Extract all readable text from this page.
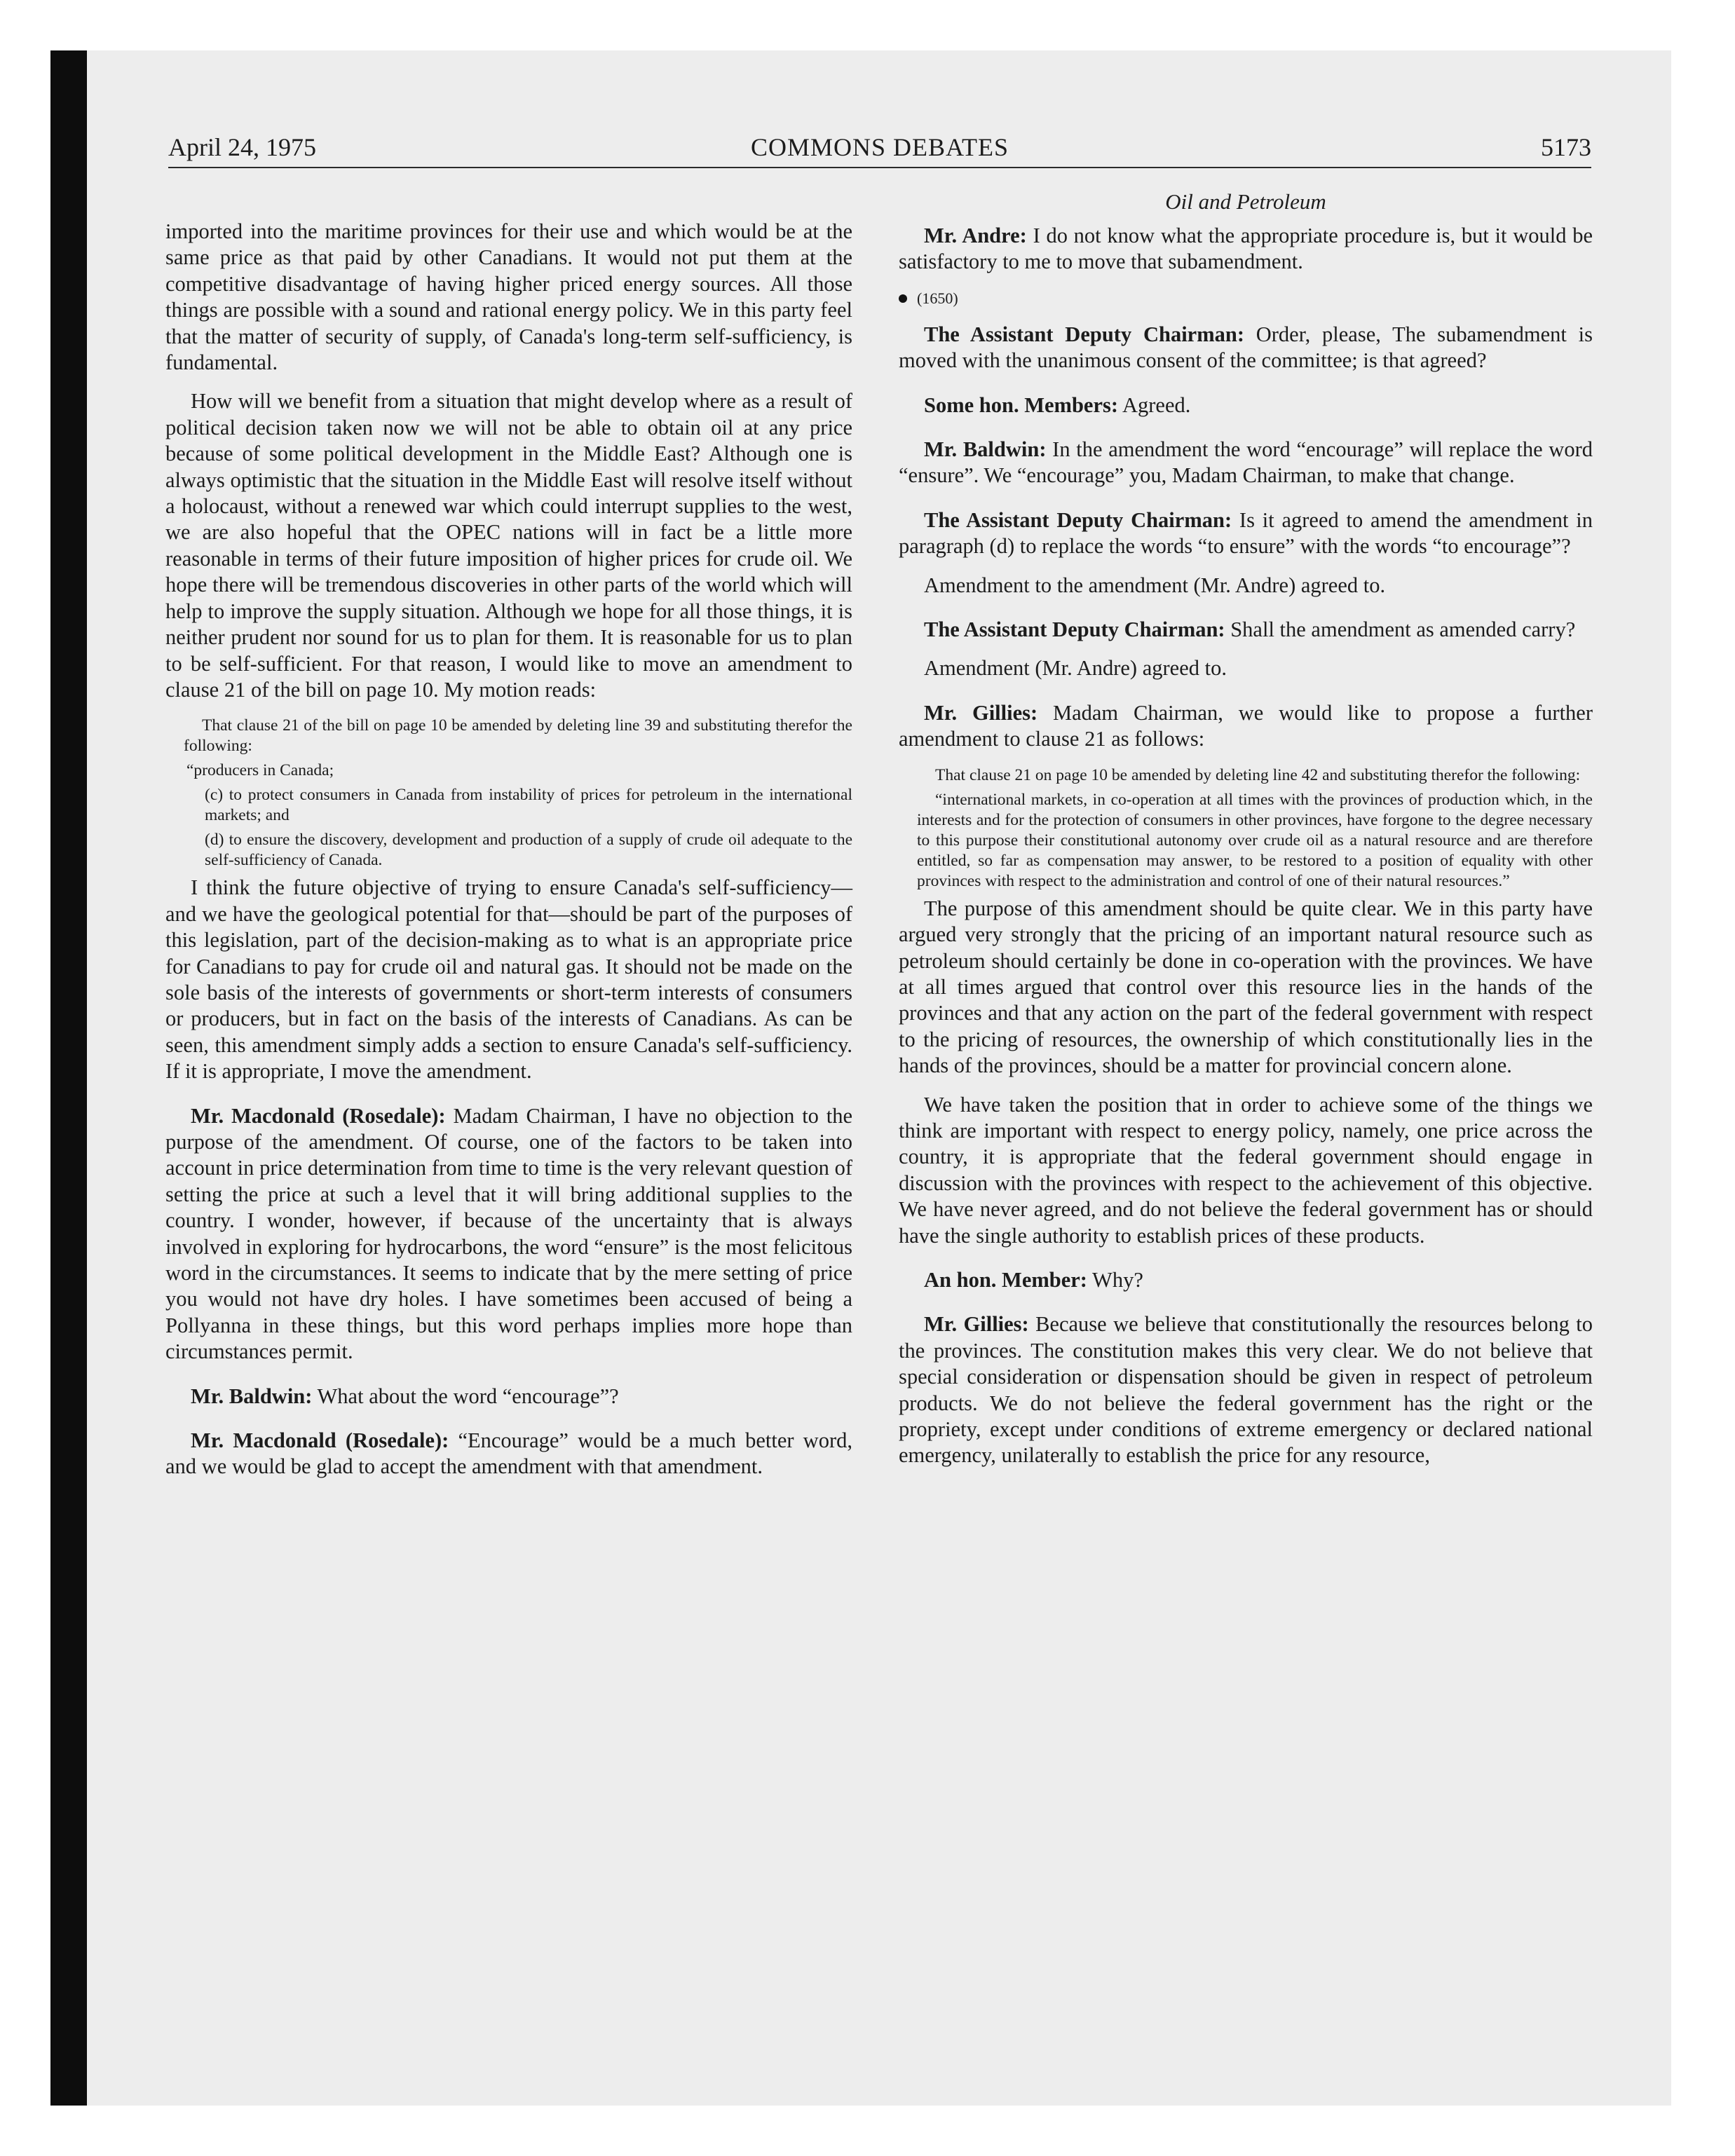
COMMONS DEBATES
April 24, 1975	5173

imported into the maritime provinces for their use and which would be at the same price as that paid by other Canadians. It would not put them at the competitive disadvantage of having higher priced energy sources. All those things are possible with a sound and rational energy policy. We in this party feel that the matter of security of supply, of Canada's long-term self-sufficiency, is fundamental.

How will we benefit from a situation that might develop where as a result of political decision taken now we will not be able to obtain oil at any price because of some political development in the Middle East? Although one is always optimistic that the situation in the Middle East will resolve itself without a holocaust, without a renewed war which could interrupt supplies to the west, we are also hopeful that the OPEC nations will in fact be a little more reasonable in terms of their future imposition of higher prices for crude oil. We hope there will be tremendous discoveries in other parts of the world which will help to improve the supply situation. Although we hope for all those things, it is neither prudent nor sound for us to plan for them. It is reasonable for us to plan to be self-sufficient. For that reason, I would like to move an amendment to clause 21 of the bill on page 10. My motion reads:

That clause 21 of the bill on page 10 be amended by deleting line 39 and substituting therefor the following:
“producers in Canada;
(c) to protect consumers in Canada from instability of prices for petroleum in the international markets; and
(d) to ensure the discovery, development and production of a supply of crude oil adequate to the self-sufficiency of Canada.

I think the future objective of trying to ensure Canada's self-sufficiency—and we have the geological potential for that—should be part of the purposes of this legislation, part of the decision-making as to what is an appropriate price for Canadians to pay for crude oil and natural gas. It should not be made on the sole basis of the interests of governments or short-term interests of consumers or producers, but in fact on the basis of the interests of Canadians. As can be seen, this amendment simply adds a section to ensure Canada's self-sufficiency. If it is appropriate, I move the amendment.

Mr. Macdonald (Rosedale): Madam Chairman, I have no objection to the purpose of the amendment. Of course, one of the factors to be taken into account in price determination from time to time is the very relevant question of setting the price at such a level that it will bring additional supplies to the country. I wonder, however, if because of the uncertainty that is always involved in exploring for hydrocarbons, the word “ensure” is the most felicitous word in the circumstances. It seems to indicate that by the mere setting of price you would not have dry holes. I have sometimes been accused of being a Pollyanna in these things, but this word perhaps implies more hope than circumstances permit.

Mr. Baldwin: What about the word “encourage”?

Mr. Macdonald (Rosedale): “Encourage” would be a much better word, and we would be glad to accept the amendment with that amendment.

Oil and Petroleum

Mr. Andre: I do not know what the appropriate procedure is, but it would be satisfactory to me to move that subamendment.

(1650)

The Assistant Deputy Chairman: Order, please, The subamendment is moved with the unanimous consent of the committee; is that agreed?

Some hon. Members: Agreed.

Mr. Baldwin: In the amendment the word “encourage” will replace the word “ensure”. We “encourage” you, Madam Chairman, to make that change.

The Assistant Deputy Chairman: Is it agreed to amend the amendment in paragraph (d) to replace the words “to ensure” with the words “to encourage”?

Amendment to the amendment (Mr. Andre) agreed to.

The Assistant Deputy Chairman: Shall the amendment as amended carry?

Amendment (Mr. Andre) agreed to.

Mr. Gillies: Madam Chairman, we would like to propose a further amendment to clause 21 as follows:

That clause 21 on page 10 be amended by deleting line 42 and substituting therefor the following:
“international markets, in co-operation at all times with the provinces of production which, in the interests and for the protection of consumers in other provinces, have forgone to the degree necessary to this purpose their constitutional autonomy over crude oil as a natural resource and are therefore entitled, so far as compensation may answer, to be restored to a position of equality with other provinces with respect to the administration and control of one of their natural resources.”

The purpose of this amendment should be quite clear. We in this party have argued very strongly that the pricing of an important natural resource such as petroleum should certainly be done in co-operation with the provinces. We have at all times argued that control over this resource lies in the hands of the provinces and that any action on the part of the federal government with respect to the pricing of resources, the ownership of which constitutionally lies in the hands of the provinces, should be a matter for provincial concern alone.

We have taken the position that in order to achieve some of the things we think are important with respect to energy policy, namely, one price across the country, it is appropriate that the federal government should engage in discussion with the provinces with respect to the achievement of this objective. We have never agreed, and do not believe the federal government has or should have the single authority to establish prices of these products.

An hon. Member: Why?

Mr. Gillies: Because we believe that constitutionally the resources belong to the provinces. The constitution makes this very clear. We do not believe that special consideration or dispensation should be given in respect of petroleum products. We do not believe the federal government has the right or the propriety, except under conditions of extreme emergency or declared national emergency, unilaterally to establish the price for any resource,
